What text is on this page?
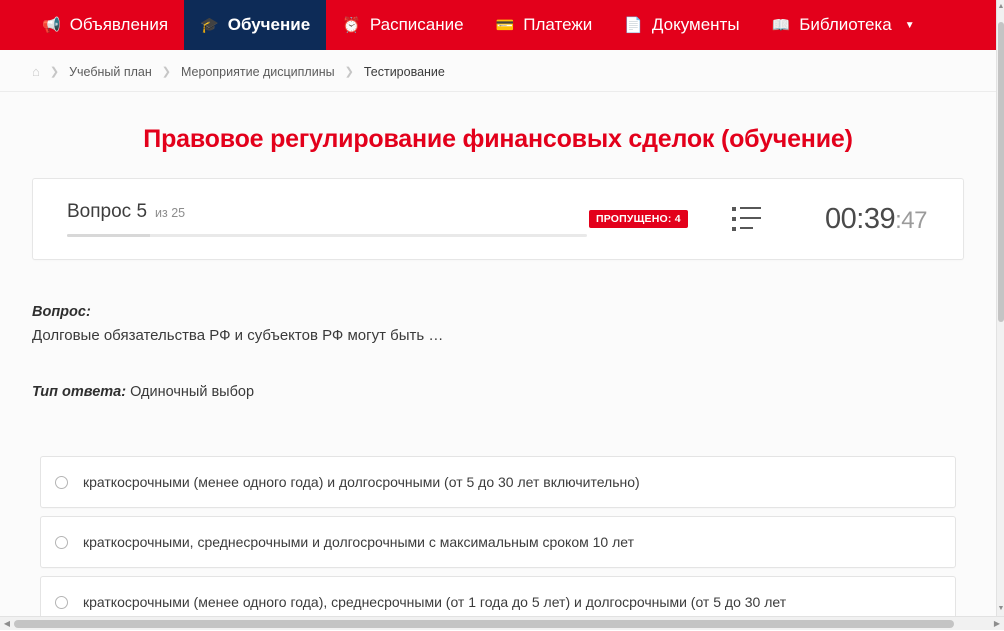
📢 Объявления 🎓 Обучение ⏰ Расписание 💳 Платежи 📄 Документы 📖 Библиотека ▼
⌂ ❯ Учебный план ❯ Мероприятие дисциплины ❯ Тестирование
Правовое регулирование финансовых сделок (обучение)
Вопрос 5 из 25	ПРОПУЩЕНО: 4	00:39:47
Вопрос:
Долговые обязательства РФ и субъектов РФ могут быть …
Тип ответа: Одиночный выбор
краткосрочными (менее одного года) и долгосрочными (от 5 до 30 лет включительно)
краткосрочными, среднесрочными и долгосрочными с максимальным сроком 10 лет
краткосрочными (менее одного года), среднесрочными (от 1 года до 5 лет) и долгосрочными (от 5 до 30 лет
▲
▼
◀	▶
